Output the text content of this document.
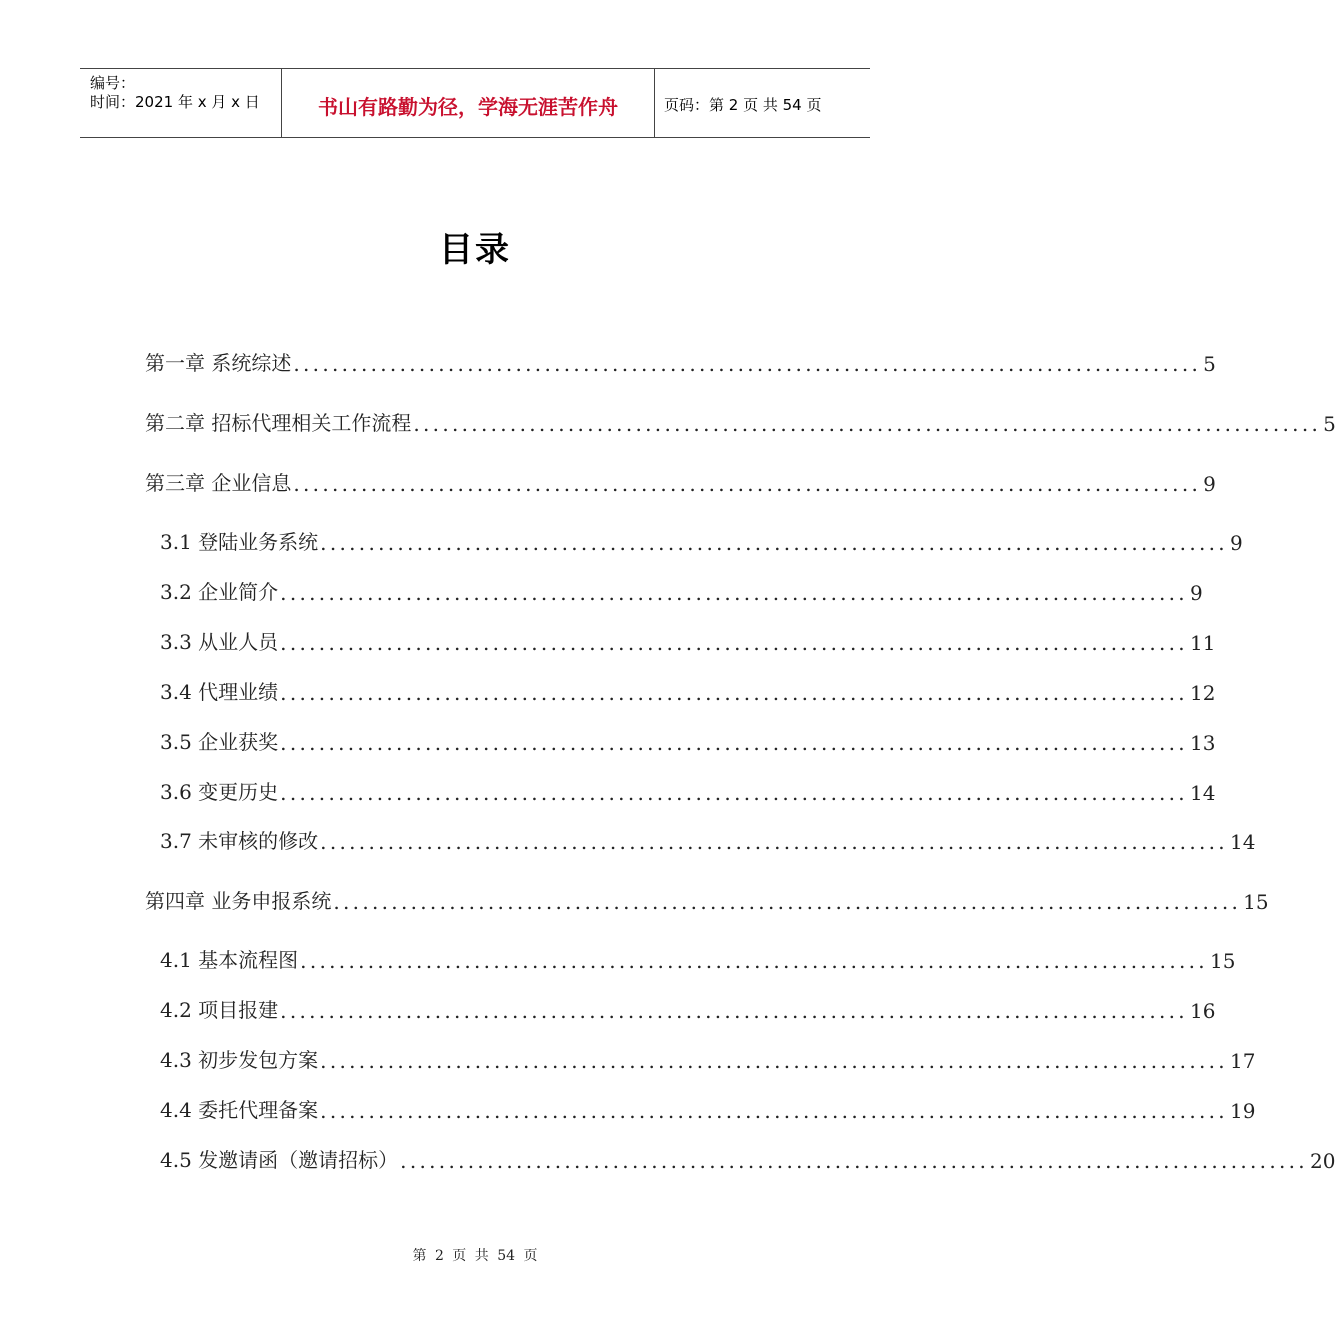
编号：
时间：2021 年 x 月 x 日	书山有路勤为径，学海无涯苦作舟	页码：第 2 页 共 54 页
目录
第一章 系统综述 .............................................................................................. 5
第二章 招标代理相关工作流程 .............................................................................................. 5
第三章 企业信息 .............................................................................................. 9
3.1 登陆业务系统 .............................................................................................. 9
3.2 企业简介 .............................................................................................. 9
3.3 从业人员 .............................................................................................. 11
3.4 代理业绩 .............................................................................................. 12
3.5 企业获奖 .............................................................................................. 13
3.6 变更历史 .............................................................................................. 14
3.7 未审核的修改 .............................................................................................. 14
第四章 业务申报系统 .............................................................................................. 15
4.1 基本流程图 .............................................................................................. 15
4.2 项目报建 .............................................................................................. 16
4.3 初步发包方案 .............................................................................................. 17
4.4 委托代理备案 .............................................................................................. 19
4.5 发邀请函（邀请招标） .............................................................................................. 20
第 2 页 共 54 页
